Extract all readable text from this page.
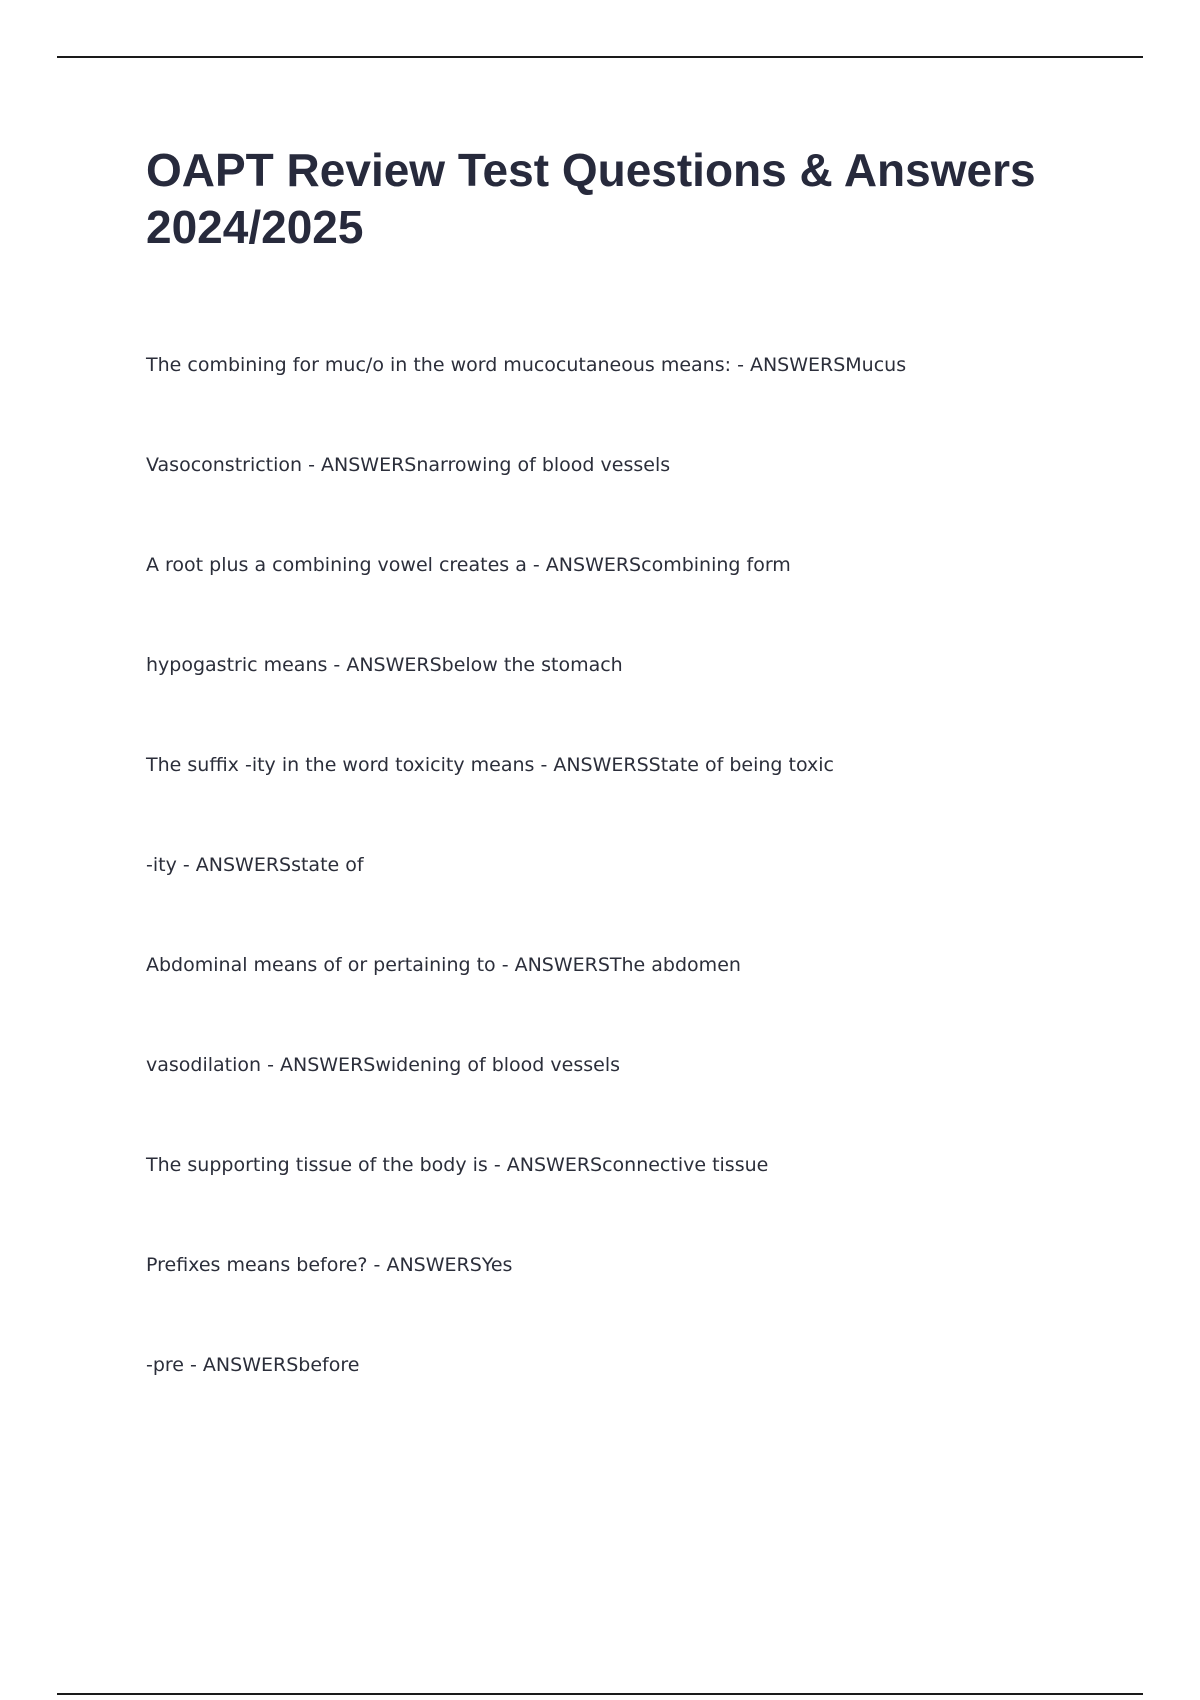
OAPT Review Test Questions & Answers 2024/2025
The combining for muc/o in the word mucocutaneous means: - ANSWERSMucus
Vasoconstriction - ANSWERSnarrowing of blood vessels
A root plus a combining vowel creates a - ANSWERScombining form
hypogastric means - ANSWERSbelow the stomach
The suffix -ity in the word toxicity means - ANSWERSState of being toxic
-ity - ANSWERSstate of
Abdominal means of or pertaining to - ANSWERSThe abdomen
vasodilation - ANSWERSwidening of blood vessels
The supporting tissue of the body is - ANSWERSconnective tissue
Prefixes means before? - ANSWERSYes
-pre - ANSWERSbefore
